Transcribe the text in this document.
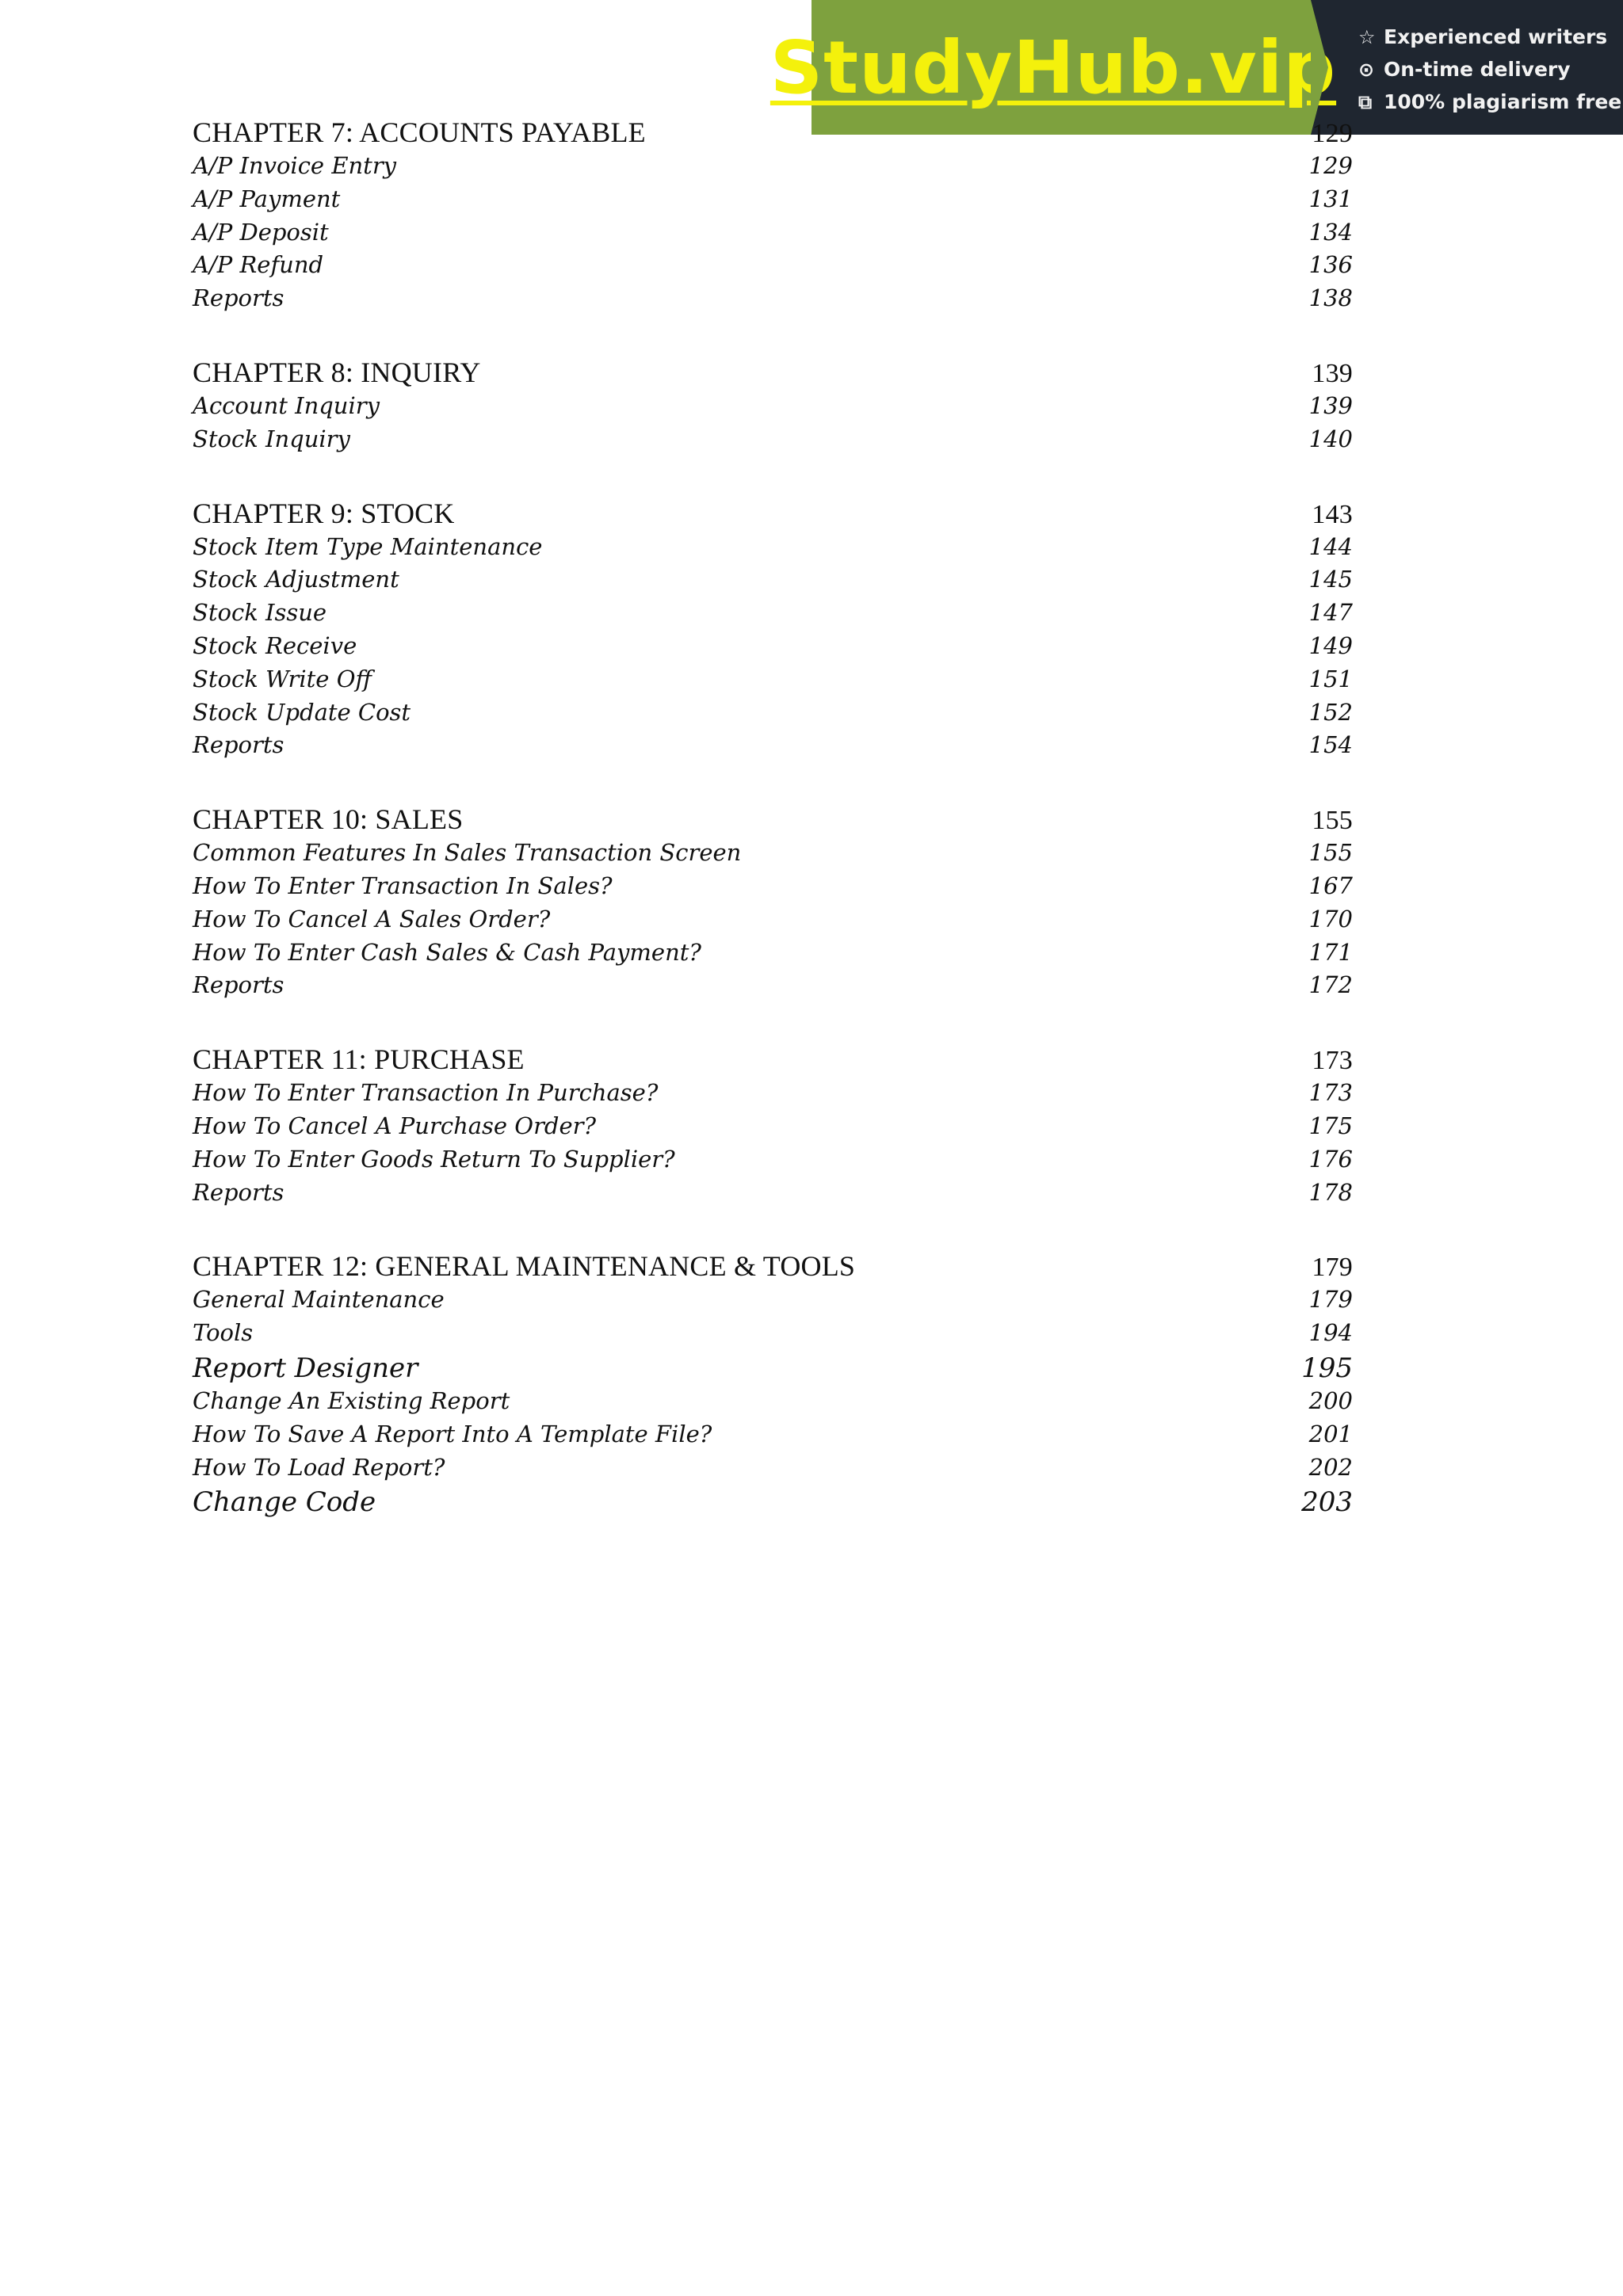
StudyHub.vip ☆ Experienced writers
⊙ On-time delivery
⧉ 100% plagiarism free
CHAPTER 7: ACCOUNTS PAYABLE	129
A/P Invoice Entry	129
A/P Payment	131
A/P Deposit	134
A/P Refund	136
Reports	138
CHAPTER 8: INQUIRY	139
Account Inquiry	139
Stock Inquiry	140
CHAPTER 9: STOCK	143
Stock Item Type Maintenance	144
Stock Adjustment	145
Stock Issue	147
Stock Receive	149
Stock Write Off	151
Stock Update Cost	152
Reports	154
CHAPTER 10: SALES	155
Common Features In Sales Transaction Screen	155
How To Enter Transaction In Sales?	167
How To Cancel A Sales Order?	170
How To Enter Cash Sales & Cash Payment?	171
Reports	172
CHAPTER 11: PURCHASE	173
How To Enter Transaction In Purchase?	173
How To Cancel A Purchase Order?	175
How To Enter Goods Return To Supplier?	176
Reports	178
CHAPTER 12: GENERAL MAINTENANCE & TOOLS	179
General Maintenance	179
Tools	194
Report Designer	195
Change An Existing Report	200
How To Save A Report Into A Template File?	201
How To Load Report?	202
Change Code	203
